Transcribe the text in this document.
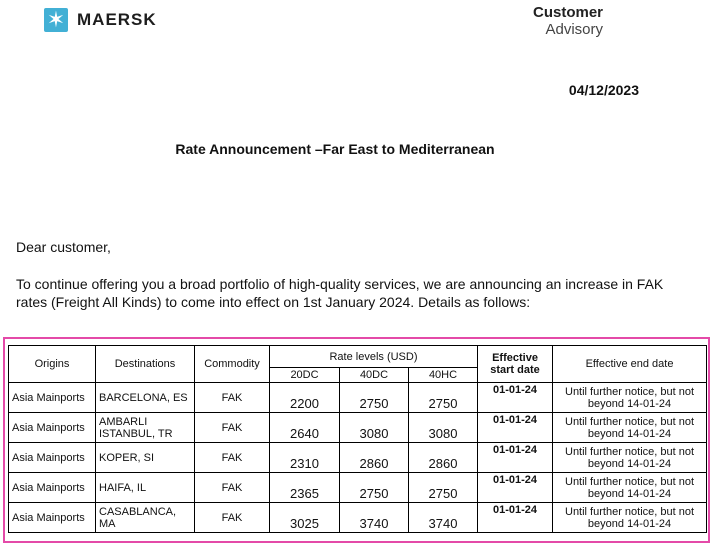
✶ MAERSK	Customer
Advisory
04/12/2023
Rate Announcement –Far East to Mediterranean
Dear customer,
To continue offering you a broad portfolio of high-quality services, we are announcing an increase in FAK rates (Freight All Kinds) to come into effect on 1st January 2024. Details as follows:
Origins	Destinations	Commodity	Rate levels (USD)			Effective start date	Effective end date
			20DC	40DC	40HC		
Asia Mainports	BARCELONA, ES	FAK	2200	2750	2750	01-01-24	Until further notice, but not beyond 14-01-24
Asia Mainports	AMBARLI ISTANBUL, TR	FAK	2640	3080	3080	01-01-24	Until further notice, but not beyond 14-01-24
Asia Mainports	KOPER, SI	FAK	2310	2860	2860	01-01-24	Until further notice, but not beyond 14-01-24
Asia Mainports	HAIFA, IL	FAK	2365	2750	2750	01-01-24	Until further notice, but not beyond 14-01-24
Asia Mainports	CASABLANCA, MA	FAK	3025	3740	3740	01-01-24	Until further notice, but not beyond 14-01-24
